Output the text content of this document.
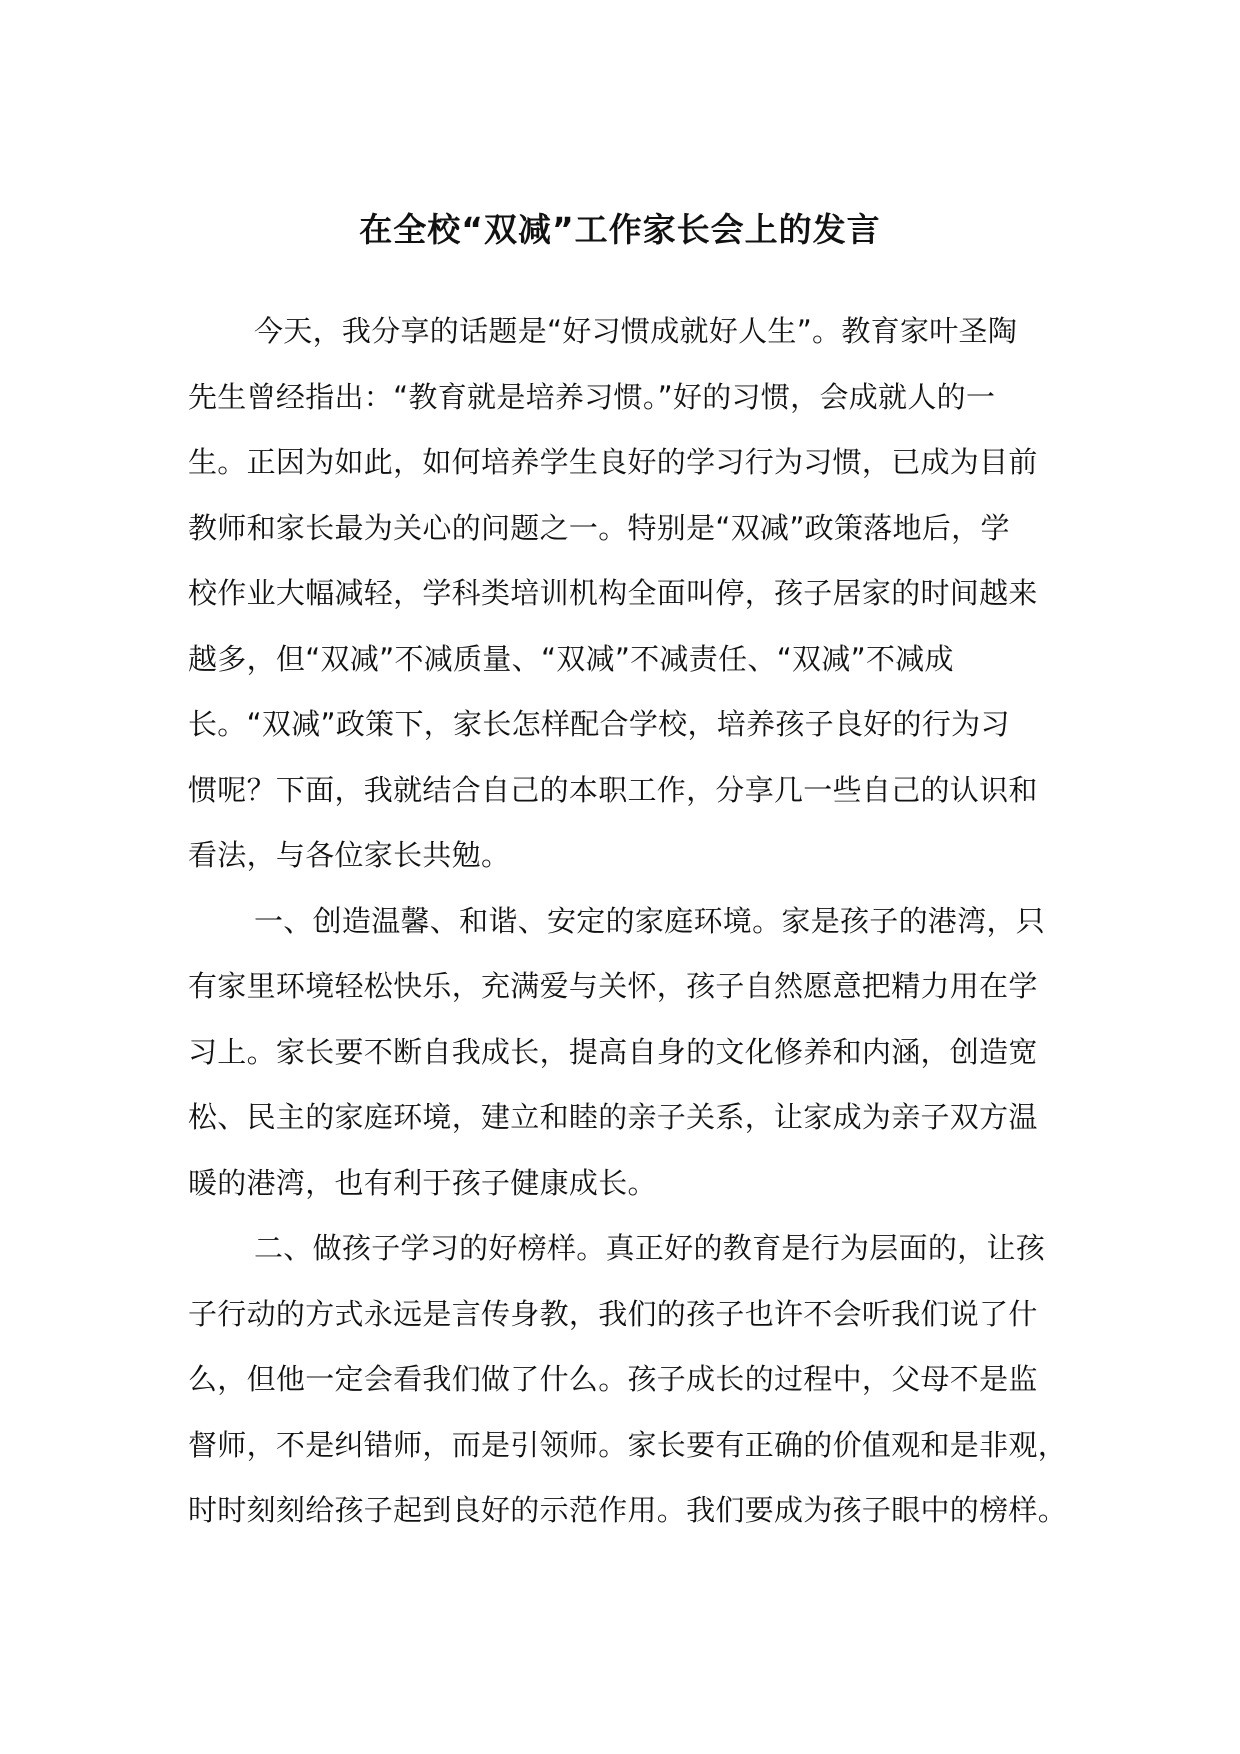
在全校“双减”工作家长会上的发言
今天，我分享的话题是“好习惯成就好人生”。教育家叶圣陶
先生曾经指出：“教育就是培养习惯。”好的习惯，会成就人的一
生。正因为如此，如何培养学生良好的学习行为习惯，已成为目前
教师和家长最为关心的问题之一。特别是“双减”政策落地后，学
校作业大幅减轻，学科类培训机构全面叫停，孩子居家的时间越来
越多，但“双减”不减质量、“双减”不减责任、“双减”不减成
长。“双减”政策下，家长怎样配合学校，培养孩子良好的行为习
惯呢？下面，我就结合自己的本职工作，分享几一些自己的认识和
看法，与各位家长共勉。
一、创造温馨、和谐、安定的家庭环境。家是孩子的港湾，只
有家里环境轻松快乐，充满爱与关怀，孩子自然愿意把精力用在学
习上。家长要不断自我成长，提高自身的文化修养和内涵，创造宽
松、民主的家庭环境，建立和睦的亲子关系，让家成为亲子双方温
暖的港湾，也有利于孩子健康成长。
二、做孩子学习的好榜样。真正好的教育是行为层面的，让孩
子行动的方式永远是言传身教，我们的孩子也许不会听我们说了什
么，但他一定会看我们做了什么。孩子成长的过程中，父母不是监
督师，不是纠错师，而是引领师。家长要有正确的价值观和是非观，
时时刻刻给孩子起到良好的示范作用。我们要成为孩子眼中的榜样。
